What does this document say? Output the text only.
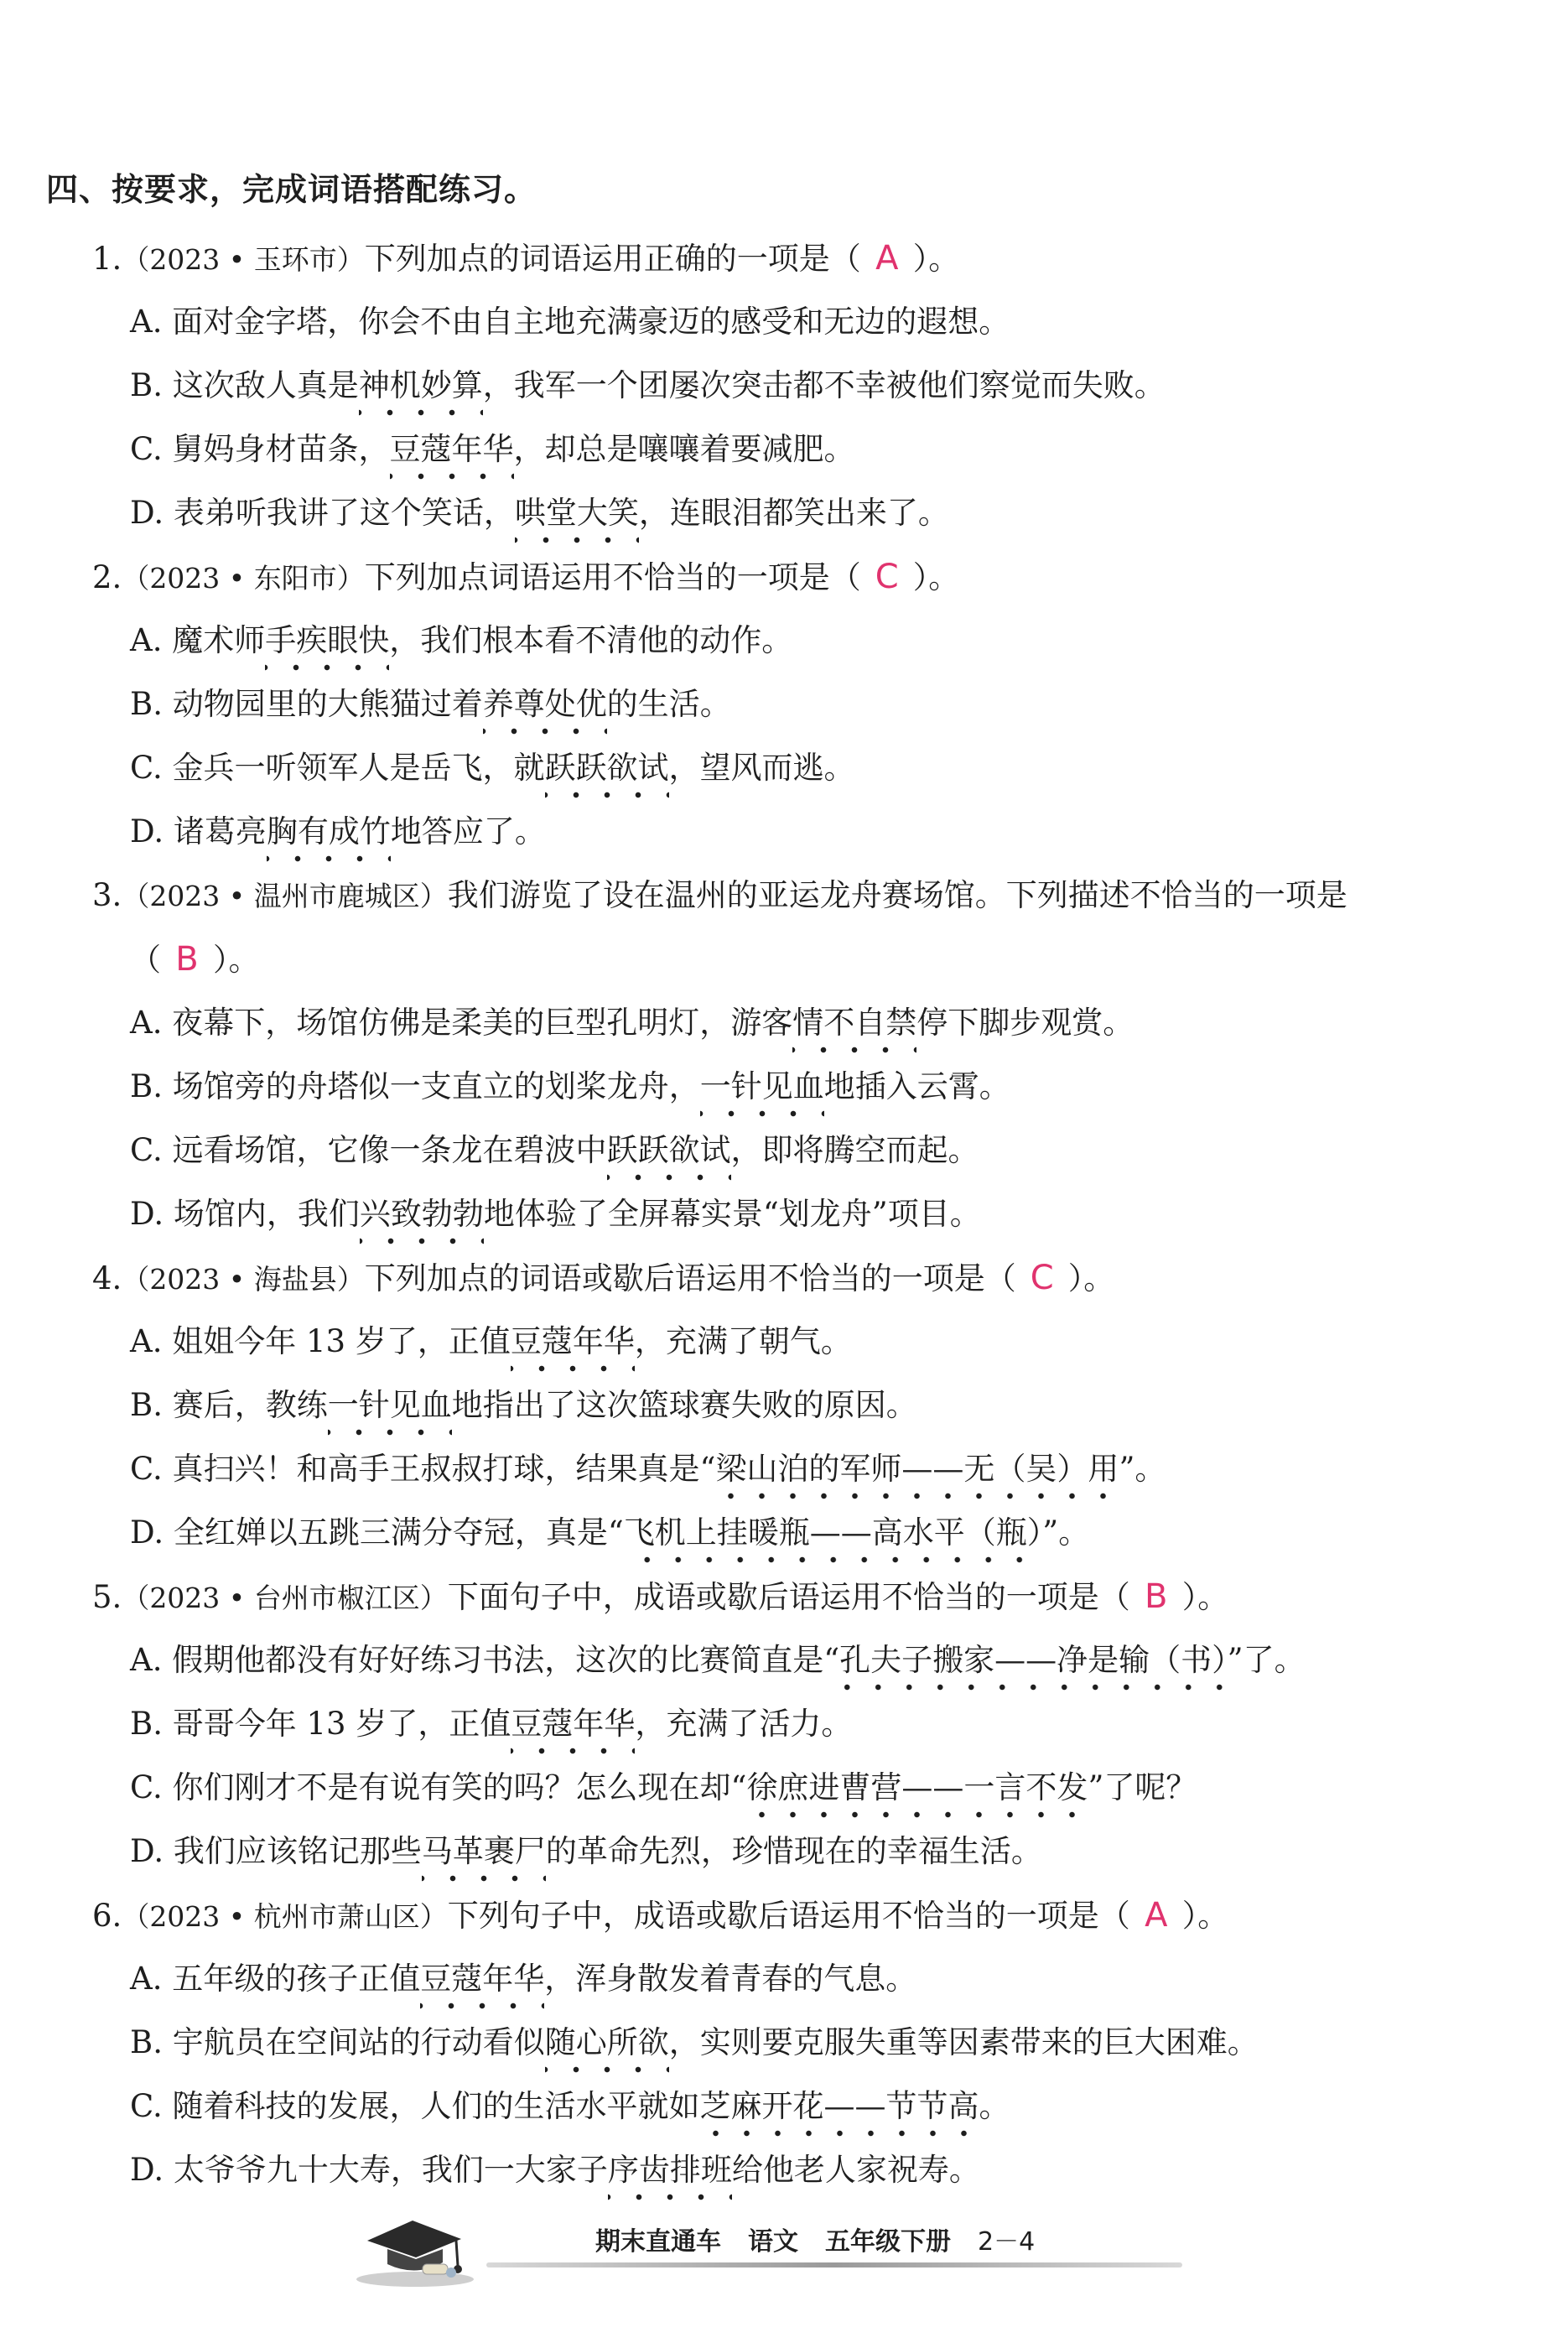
四、按要求，完成词语搭配练习。
1.（2023 • 玉环市）下列加点的词语运用正确的一项是（ A ）。
A. 面对金字塔，你会不由自主地充满豪迈的感受和无边的遐想。
B. 这次敌人真是神机妙算，我军一个团屡次突击都不幸被他们察觉而失败。
C. 舅妈身材苗条，豆蔻年华，却总是嚷嚷着要减肥。
D. 表弟听我讲了这个笑话，哄堂大笑，连眼泪都笑出来了。
2.（2023 • 东阳市）下列加点词语运用不恰当的一项是（ C ）。
A. 魔术师手疾眼快，我们根本看不清他的动作。
B. 动物园里的大熊猫过着养尊处优的生活。
C. 金兵一听领军人是岳飞，就跃跃欲试，望风而逃。
D. 诸葛亮胸有成竹地答应了。
3.（2023 • 温州市鹿城区）我们游览了设在温州的亚运龙舟赛场馆。下列描述不恰当的一项是
（ B ）。
A. 夜幕下，场馆仿佛是柔美的巨型孔明灯，游客情不自禁停下脚步观赏。
B. 场馆旁的舟塔似一支直立的划桨龙舟，一针见血地插入云霄。
C. 远看场馆，它像一条龙在碧波中跃跃欲试，即将腾空而起。
D. 场馆内，我们兴致勃勃地体验了全屏幕实景“划龙舟”项目。
4.（2023 • 海盐县）下列加点的词语或歇后语运用不恰当的一项是（ C ）。
A. 姐姐今年 13 岁了，正值豆蔻年华，充满了朝气。
B. 赛后，教练一针见血地指出了这次篮球赛失败的原因。
C. 真扫兴！和高手王叔叔打球，结果真是“梁山泊的军师——无（吴）用”。
D. 全红婵以五跳三满分夺冠，真是“飞机上挂暖瓶——高水平（瓶）”。
5.（2023 • 台州市椒江区）下面句子中，成语或歇后语运用不恰当的一项是（ B ）。
A. 假期他都没有好好练习书法，这次的比赛简直是“孔夫子搬家——净是输（书）”了。
B. 哥哥今年 13 岁了，正值豆蔻年华，充满了活力。
C. 你们刚才不是有说有笑的吗？怎么现在却“徐庶进曹营——一言不发”了呢？
D. 我们应该铭记那些马革裹尸的革命先烈，珍惜现在的幸福生活。
6.（2023 • 杭州市萧山区）下列句子中，成语或歇后语运用不恰当的一项是（ A ）。
A. 五年级的孩子正值豆蔻年华，浑身散发着青春的气息。
B. 宇航员在空间站的行动看似随心所欲，实则要克服失重等因素带来的巨大困难。
C. 随着科技的发展，人们的生活水平就如芝麻开花——节节高。
D. 太爷爷九十大寿，我们一大家子序齿排班给他老人家祝寿。
期末直通车 语文 五年级下册 2－4
